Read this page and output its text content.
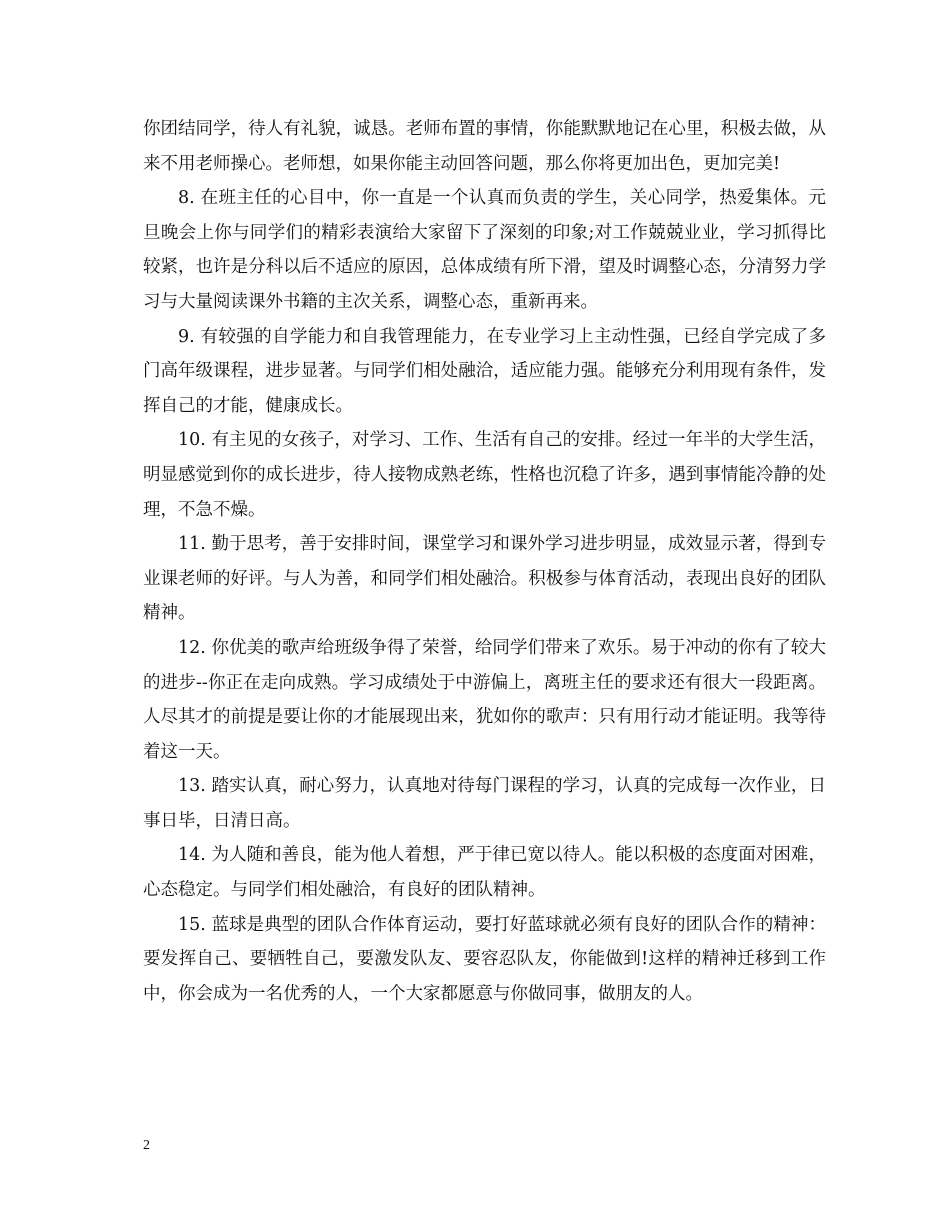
你团结同学，待人有礼貌，诚恳。老师布置的事情，你能默默地记在心里，积极去做，从来不用老师操心。老师想，如果你能主动回答问题，那么你将更加出色，更加完美!

8. 在班主任的心目中，你一直是一个认真而负责的学生，关心同学，热爱集体。元旦晚会上你与同学们的精彩表演给大家留下了深刻的印象;对工作兢兢业业，学习抓得比较紧，也许是分科以后不适应的原因，总体成绩有所下滑，望及时调整心态，分清努力学习与大量阅读课外书籍的主次关系，调整心态，重新再来。

9. 有较强的自学能力和自我管理能力，在专业学习上主动性强，已经自学完成了多门高年级课程，进步显著。与同学们相处融洽，适应能力强。能够充分利用现有条件，发挥自己的才能，健康成长。

10. 有主见的女孩子，对学习、工作、生活有自己的安排。经过一年半的大学生活，明显感觉到你的成长进步，待人接物成熟老练，性格也沉稳了许多，遇到事情能冷静的处理，不急不燥。

11. 勤于思考，善于安排时间，课堂学习和课外学习进步明显，成效显示著，得到专业课老师的好评。与人为善，和同学们相处融洽。积极参与体育活动，表现出良好的团队精神。

12. 你优美的歌声给班级争得了荣誉，给同学们带来了欢乐。易于冲动的你有了较大的进步--你正在走向成熟。学习成绩处于中游偏上，离班主任的要求还有很大一段距离。人尽其才的前提是要让你的才能展现出来，犹如你的歌声：只有用行动才能证明。我等待着这一天。

13. 踏实认真，耐心努力，认真地对待每门课程的学习，认真的完成每一次作业，日事日毕，日清日高。

14. 为人随和善良，能为他人着想，严于律已宽以待人。能以积极的态度面对困难，心态稳定。与同学们相处融洽，有良好的团队精神。

15. 蓝球是典型的团队合作体育运动，要打好蓝球就必须有良好的团队合作的精神：要发挥自己、要牺牲自己，要激发队友、要容忍队友，你能做到!这样的精神迁移到工作中，你会成为一名优秀的人，一个大家都愿意与你做同事，做朋友的人。

2
